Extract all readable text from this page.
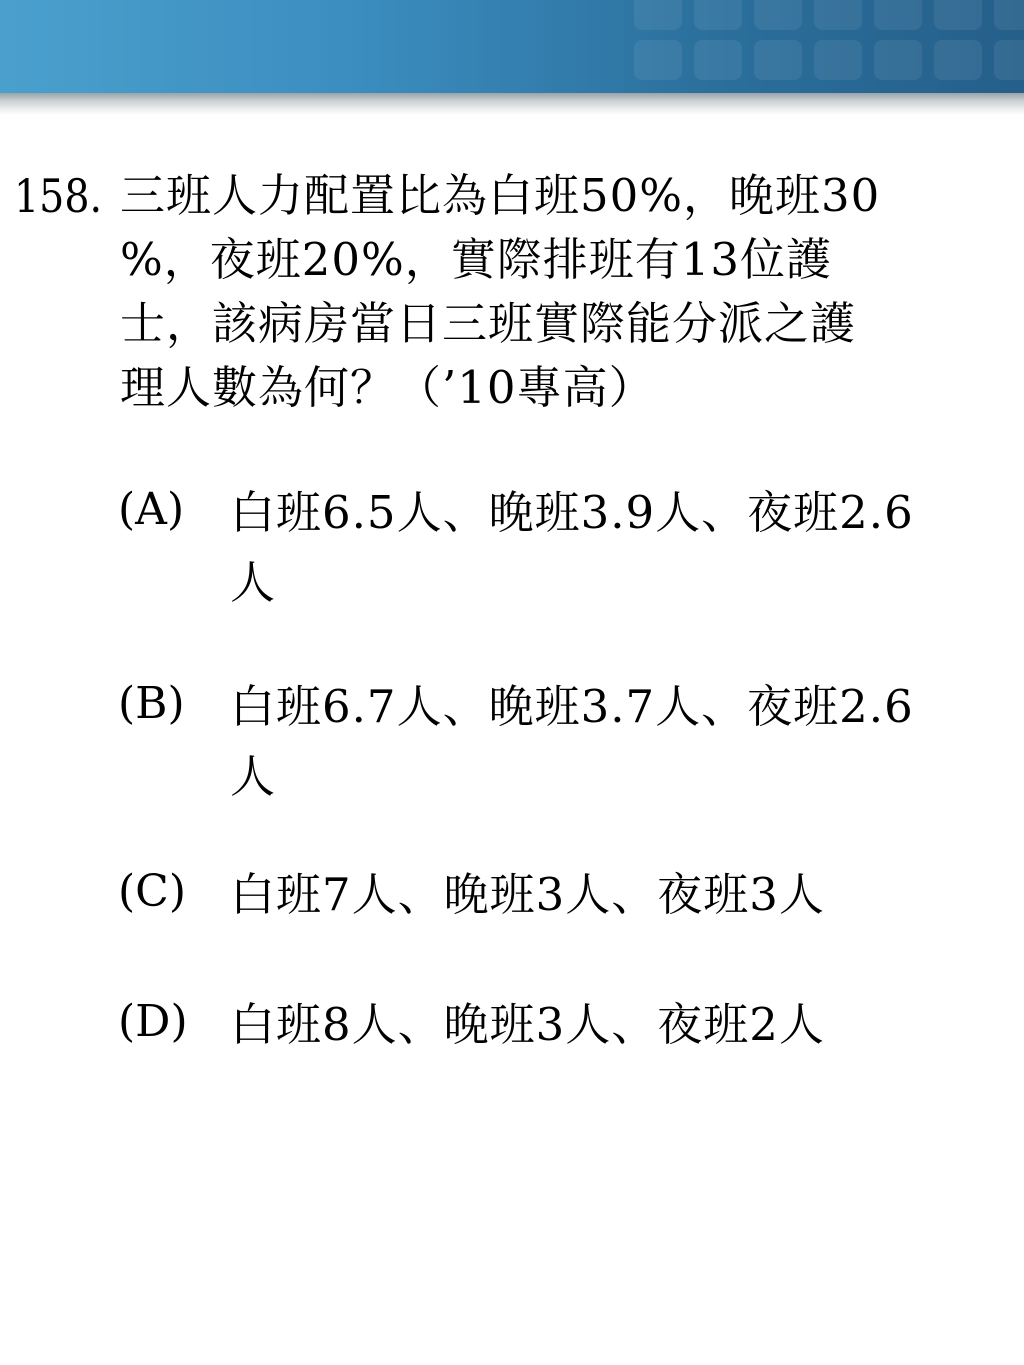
158. 三班人力配置比為白班50%，晚班30
%，夜班20%，實際排班有13位護
士，該病房當日三班實際能分派之護
理人數為何？（’10專高）
(A) 白班6.5人、晚班3.9人、夜班2.6
人
(B) 白班6.7人、晚班3.7人、夜班2.6
人
(C) 白班7人、晚班3人、夜班3人
(D) 白班8人、晚班3人、夜班2人
